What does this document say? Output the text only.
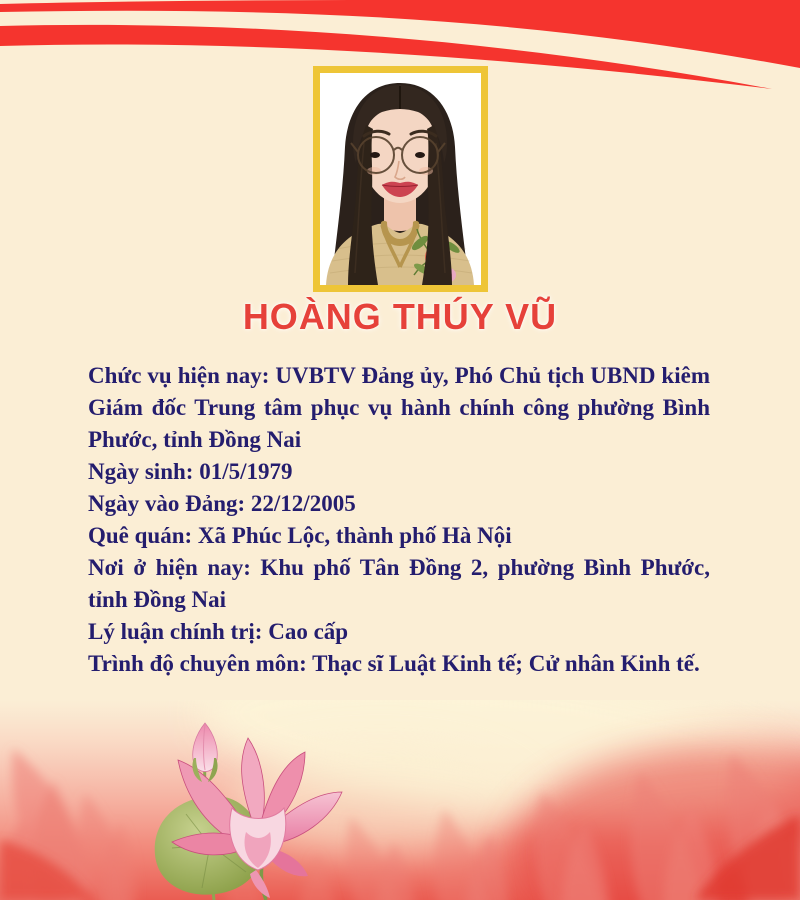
HOÀNG THÚY VŨ

Chức vụ hiện nay: UVBTV Đảng ủy, Phó Chủ tịch UBND kiêm Giám đốc Trung tâm phục vụ hành chính công phường Bình Phước, tỉnh Đồng Nai

Ngày sinh: 01/5/1979

Ngày vào Đảng: 22/12/2005

Quê quán: Xã Phúc Lộc, thành phố Hà Nội

Nơi ở hiện nay: Khu phố Tân Đồng 2, phường Bình Phước, tỉnh Đồng Nai

Lý luận chính trị: Cao cấp

Trình độ chuyên môn: Thạc sĩ Luật Kinh tế; Cử nhân Kinh tế.
